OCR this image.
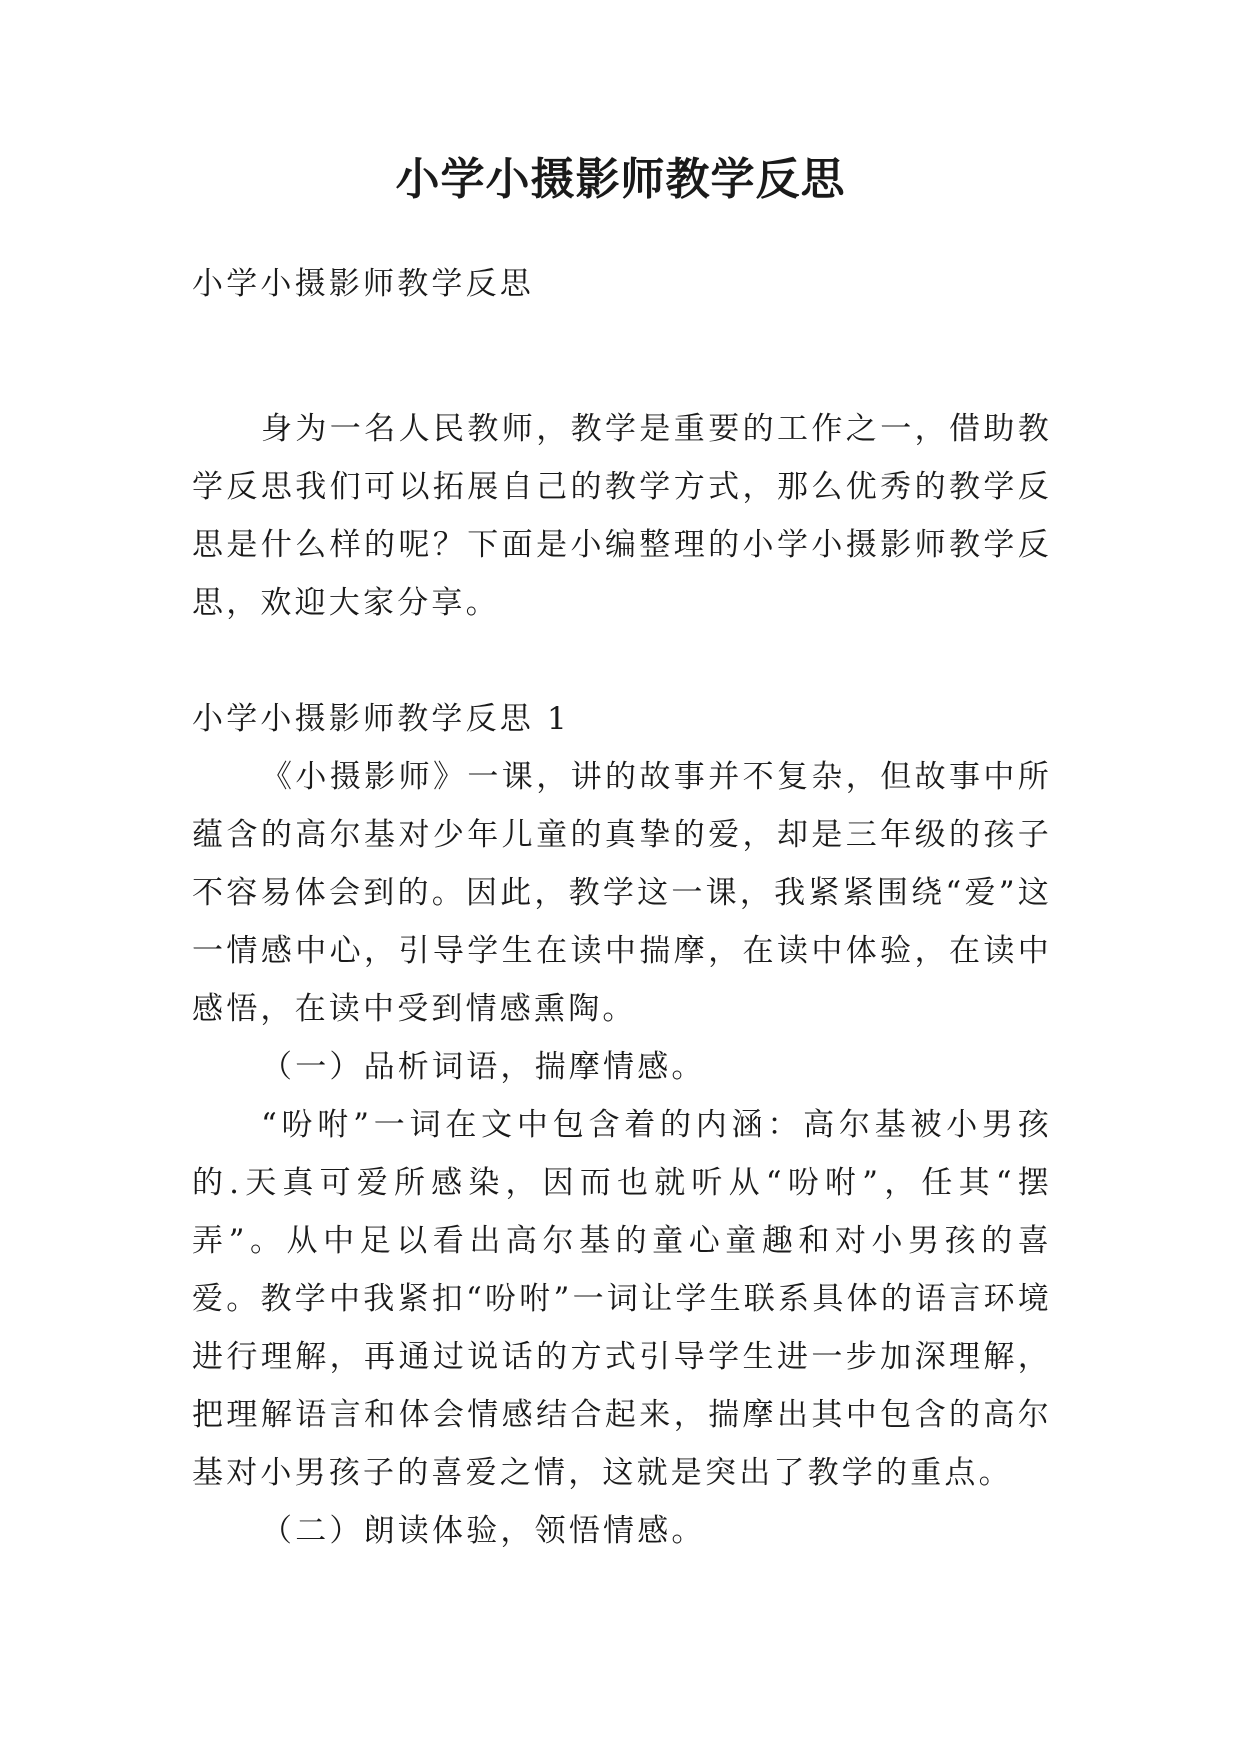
小学小摄影师教学反思

小学小摄影师教学反思

身为一名人民教师，教学是重要的工作之一，借助教学反思我们可以拓展自己的教学方式，那么优秀的教学反思是什么样的呢？下面是小编整理的小学小摄影师教学反思，欢迎大家分享。

小学小摄影师教学反思 1

《小摄影师》一课，讲的故事并不复杂，但故事中所蕴含的高尔基对少年儿童的真挚的爱，却是三年级的孩子不容易体会到的。因此，教学这一课，我紧紧围绕“爱”这一情感中心，引导学生在读中揣摩，在读中体验，在读中感悟，在读中受到情感熏陶。

（一）品析词语，揣摩情感。

“吩咐”一词在文中包含着的内涵：高尔基被小男孩的.天真可爱所感染，因而也就听从“吩咐”，任其“摆弄”。从中足以看出高尔基的童心童趣和对小男孩的喜爱。教学中我紧扣“吩咐”一词让学生联系具体的语言环境进行理解，再通过说话的方式引导学生进一步加深理解，把理解语言和体会情感结合起来，揣摩出其中包含的高尔基对小男孩子的喜爱之情，这就是突出了教学的重点。

（二）朗读体验，领悟情感。
